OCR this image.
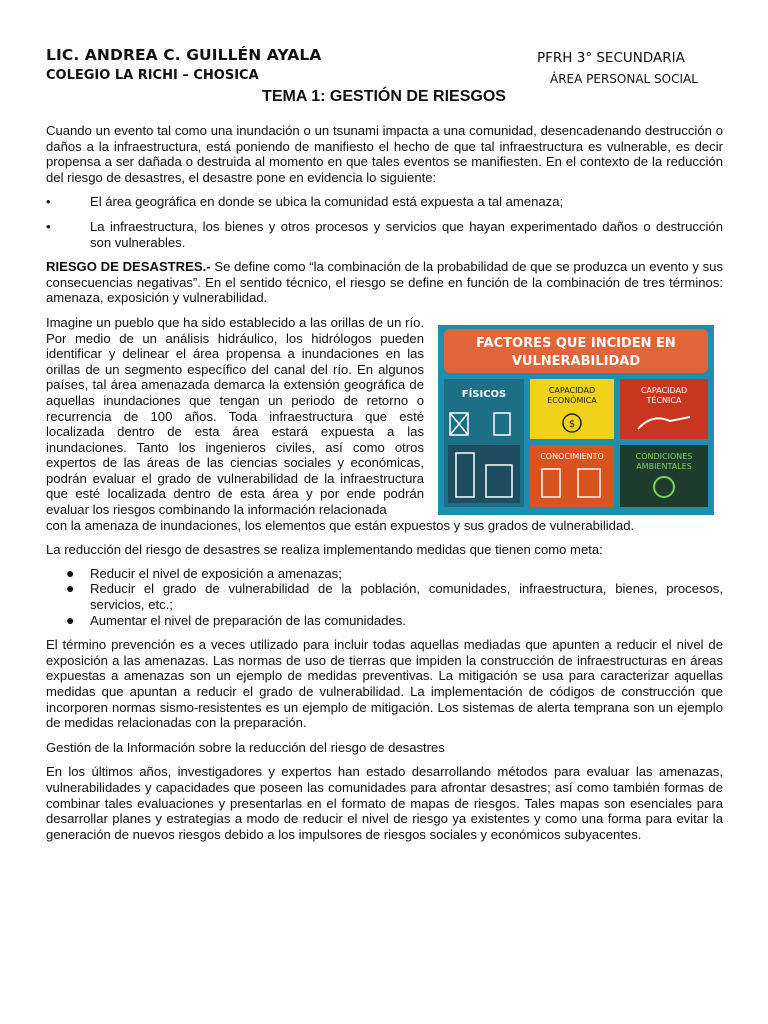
LIC. ANDREA C. GUILLÉN AYALA
COLEGIO LA RICHI – CHOSICA
PFRH 3° SECUNDARIA
ÁREA PERSONAL SOCIAL
TEMA 1: GESTIÓN DE RIESGOS

Cuando un evento tal como una inundación o un tsunami impacta a una comunidad, desencadenando destrucción o daños a la infraestructura, está poniendo de manifiesto el hecho de que tal infraestructura es vulnerable, es decir propensa a ser dañada o destruida al momento en que tales eventos se manifiesten. En el contexto de la reducción del riesgo de desastres, el desastre pone en evidencia lo siguiente:

•	El área geográfica en donde se ubica la comunidad está expuesta a tal amenaza;
•	La infraestructura, los bienes y otros procesos y servicios que hayan experimentado daños o destrucción son vulnerables.

RIESGO DE DESASTRES.- Se define como “la combinación de la probabilidad de que se produzca un evento y sus consecuencias negativas”. En el sentido técnico, el riesgo se define en función de la combinación de tres términos: amenaza, exposición y vulnerabilidad.

Imagine un pueblo que ha sido establecido a las orillas de un río. Por medio de un análisis hidráulico, los hidrólogos pueden identificar y delinear el área propensa a inundaciones en las orillas de un segmento específico del canal del río. En algunos países, tal área amenazada demarca la extensión geográfica de aquellas inundaciones que tengan un periodo de retorno o recurrencia de 100 años. Toda infraestructura que esté localizada dentro de esta área estará expuesta a las inundaciones. Tanto los ingenieros civiles, así como otros expertos de las áreas de las ciencias sociales y económicas, podrán evaluar el grado de vulnerabilidad de la infraestructura que esté localizada dentro de esta área y por ende podrán evaluar los riesgos combinando la información relacionada
FACTORES QUE INCIDEN EN
VULNERABILIDAD
FÍSICOS	CAPACIDAD
ECONÓMICA
$
CAPACIDAD
TÉCNICA
CONOCIMIENTO	CONDICIONES
AMBIENTALES

con la amenaza de inundaciones, los elementos que están expuestos y sus grados de vulnerabilidad.

La reducción del riesgo de desastres se realiza implementando medidas que tienen como meta:

●	Reducir el nivel de exposición a amenazas;
●	Reducir el grado de vulnerabilidad de la población, comunidades, infraestructura, bienes, procesos, servicios, etc.;
●	Aumentar el nivel de preparación de las comunidades.

El término prevención es a veces utilizado para incluir todas aquellas mediadas que apunten a reducir el nivel de exposición a las amenazas. Las normas de uso de tierras que impiden la construcción de infraestructuras en áreas expuestas a amenazas son un ejemplo de medidas preventivas. La mitigación se usa para caracterizar aquellas medidas que apuntan a reducir el grado de vulnerabilidad. La implementación de códigos de construcción que incorporen normas sismo-resistentes es un ejemplo de mitigación. Los sistemas de alerta temprana son un ejemplo de medidas relacionadas con la preparación.

Gestión de la Información sobre la reducción del riesgo de desastres

En los últimos años, investigadores y expertos han estado desarrollando métodos para evaluar las amenazas, vulnerabilidades y capacidades que poseen las comunidades para afrontar desastres; así como también formas de combinar tales evaluaciones y presentarlas en el formato de mapas de riesgos. Tales mapas son esenciales para desarrollar planes y estrategias a modo de reducir el nivel de riesgo ya existentes y como una forma para evitar la generación de nuevos riesgos debido a los impulsores de riesgos sociales y económicos subyacentes.
